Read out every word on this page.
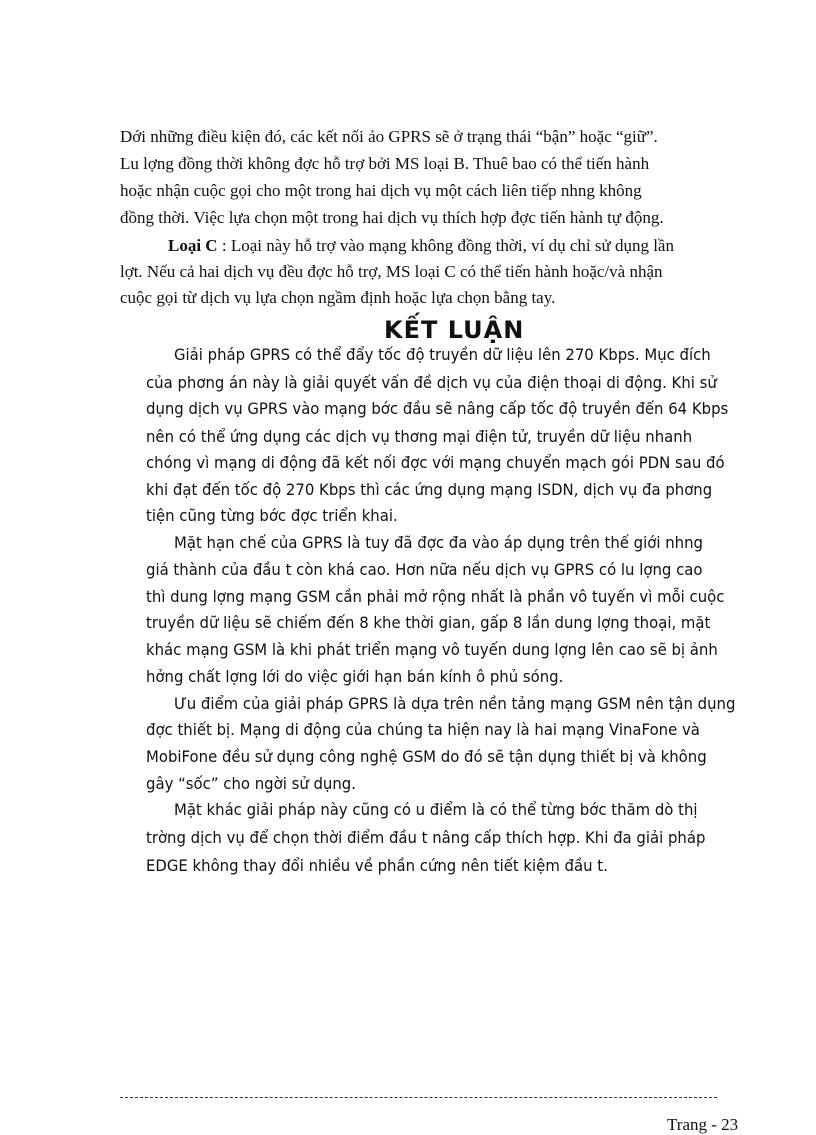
Dới những điều kiện đó, các kết nối ảo GPRS sẽ ở trạng thái “bận” hoặc “giữ”.
Lu lợng đồng thời không đợc hỗ trợ bởi MS loại B. Thuê bao có thể tiến hành
hoặc nhận cuộc gọi cho một trong hai dịch vụ một cách liên tiếp nhng không
đồng thời. Việc lựa chọn một trong hai dịch vụ thích hợp đợc tiến hành tự động.
Loại C : Loại này hỗ trợ vào mạng không đồng thời, ví dụ chỉ sử dụng lần
lợt. Nếu cả hai dịch vụ đều đợc hỗ trợ, MS loại C có thể tiến hành hoặc/và nhận
cuộc gọi từ dịch vụ lựa chọn ngầm định hoặc lựa chọn bằng tay.
KẾT LUẬN
Giải pháp GPRS có thể đẩy tốc độ truyền dữ liệu lên 270 Kbps. Mục đích
của phơng án này là giải quyết vấn đề dịch vụ của điện thoại di động. Khi sử
dụng dịch vụ GPRS vào mạng bớc đầu sẽ nâng cấp tốc độ truyền đến 64 Kbps
nên có thể ứng dụng các dịch vụ thơng mại điện tử, truyền dữ liệu nhanh
chóng vì mạng di động đã kết nối đợc với mạng chuyển mạch gói PDN sau đó
khi đạt đến tốc độ 270 Kbps thì các ứng dụng mạng ISDN, dịch vụ đa phơng
tiện cũng từng bớc đợc triển khai.
Mặt hạn chế của GPRS là tuy đã đợc đa vào áp dụng trên thế giới nhng
giá thành của đầu t còn khá cao. Hơn nữa nếu dịch vụ GPRS có lu lợng cao
thì dung lợng mạng GSM cần phải mở rộng nhất là phần vô tuyến vì mỗi cuộc
truyền dữ liệu sẽ chiếm đến 8 khe thời gian, gấp 8 lần dung lợng thoại, mặt
khác mạng GSM là khi phát triển mạng vô tuyến dung lợng lên cao sẽ bị ảnh
hởng chất lợng lới do việc giới hạn bán kính ô phủ sóng.
Ưu điểm của giải pháp GPRS là dựa trên nền tảng mạng GSM nên tận dụng
đợc thiết bị. Mạng di động của chúng ta hiện nay là hai mạng VinaFone và
MobiFone đều sử dụng công nghệ GSM do đó sẽ tận dụng thiết bị và không
gây “sốc” cho ngời sử dụng.
Mặt khác giải pháp này cũng có u điểm là có thể từng bớc thăm dò thị
trờng dịch vụ để chọn thời điểm đầu t nâng cấp thích hợp. Khi đa giải pháp
EDGE không thay đổi nhiều về phần cứng nên tiết kiệm đầu t.
Trang - 23
